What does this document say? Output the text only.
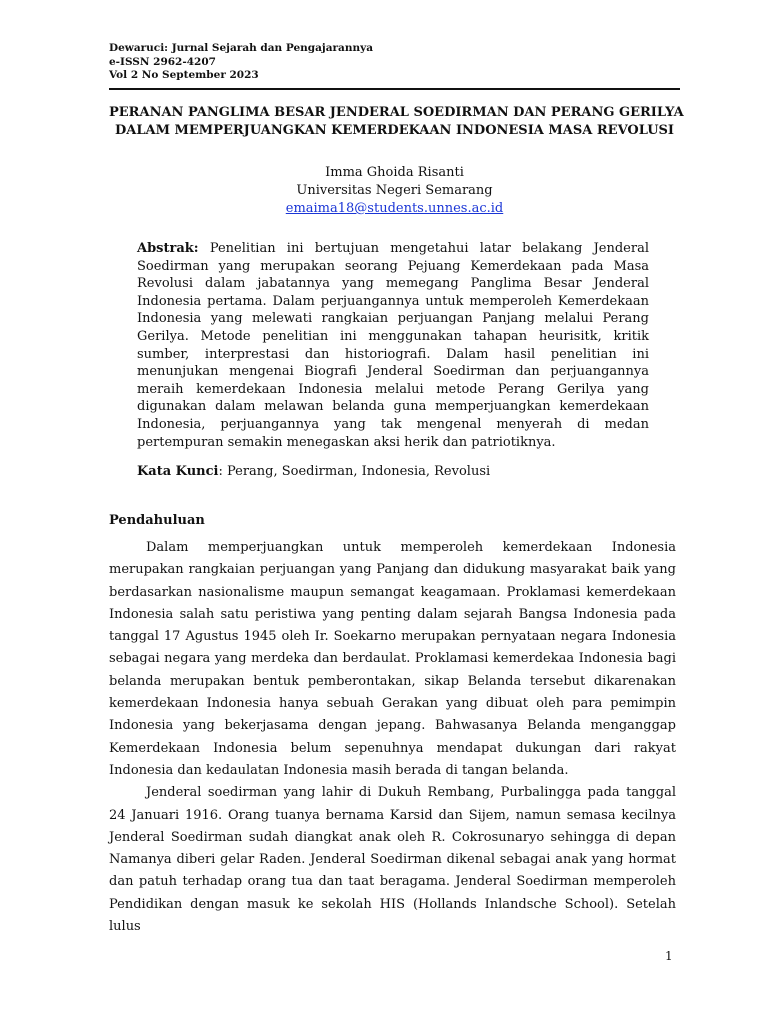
Dewaruci: Jurnal Sejarah dan Pengajarannya
e-ISSN 2962-4207
Vol 2 No September 2023
PERANAN PANGLIMA BESAR JENDERAL SOEDIRMAN DAN PERANG GERILYA
DALAM MEMPERJUANGKAN KEMERDEKAAN INDONESIA MASA REVOLUSI
Imma Ghoida Risanti
Universitas Negeri Semarang
emaima18@students.unnes.ac.id
Abstrak: Penelitian ini bertujuan mengetahui latar belakang Jenderal Soedirman yang merupakan seorang Pejuang Kemerdekaan pada Masa Revolusi dalam jabatannya yang memegang Panglima Besar Jenderal Indonesia pertama. Dalam perjuangannya untuk memperoleh Kemerdekaan Indonesia yang melewati rangkaian perjuangan Panjang melalui Perang Gerilya. Metode penelitian ini menggunakan tahapan heurisitk, kritik sumber, interprestasi dan historiografi. Dalam hasil penelitian ini menunjukan mengenai Biografi Jenderal Soedirman dan perjuangannya meraih kemerdekaan Indonesia melalui metode Perang Gerilya yang digunakan dalam melawan belanda guna memperjuangkan kemerdekaan Indonesia, perjuangannya yang tak mengenal menyerah di medan pertempuran semakin menegaskan aksi herik dan patriotiknya.
Kata Kunci: Perang, Soedirman, Indonesia, Revolusi
Pendahuluan

Dalam memperjuangkan untuk memperoleh kemerdekaan Indonesia merupakan rangkaian perjuangan yang Panjang dan didukung masyarakat baik yang berdasarkan nasionalisme maupun semangat keagamaan. Proklamasi kemerdekaan Indonesia salah satu peristiwa yang penting dalam sejarah Bangsa Indonesia pada tanggal 17 Agustus 1945 oleh Ir. Soekarno merupakan pernyataan negara Indonesia sebagai negara yang merdeka dan berdaulat. Proklamasi kemerdekaa Indonesia bagi belanda merupakan bentuk pemberontakan, sikap Belanda tersebut dikarenakan kemerdekaan Indonesia hanya sebuah Gerakan yang dibuat oleh para pemimpin Indonesia yang bekerjasama dengan jepang. Bahwasanya Belanda menganggap Kemerdekaan Indonesia belum sepenuhnya mendapat dukungan dari rakyat Indonesia dan kedaulatan Indonesia masih berada di tangan belanda.

Jenderal soedirman yang lahir di Dukuh Rembang, Purbalingga pada tanggal 24 Januari 1916. Orang tuanya bernama Karsid dan Sijem, namun semasa kecilnya Jenderal Soedirman sudah diangkat anak oleh R. Cokrosunaryo sehingga di depan Namanya diberi gelar Raden. Jenderal Soedirman dikenal sebagai anak yang hormat dan patuh terhadap orang tua dan taat beragama. Jenderal Soedirman memperoleh Pendidikan dengan masuk ke sekolah HIS (Hollands Inlandsche School). Setelah lulus

1
